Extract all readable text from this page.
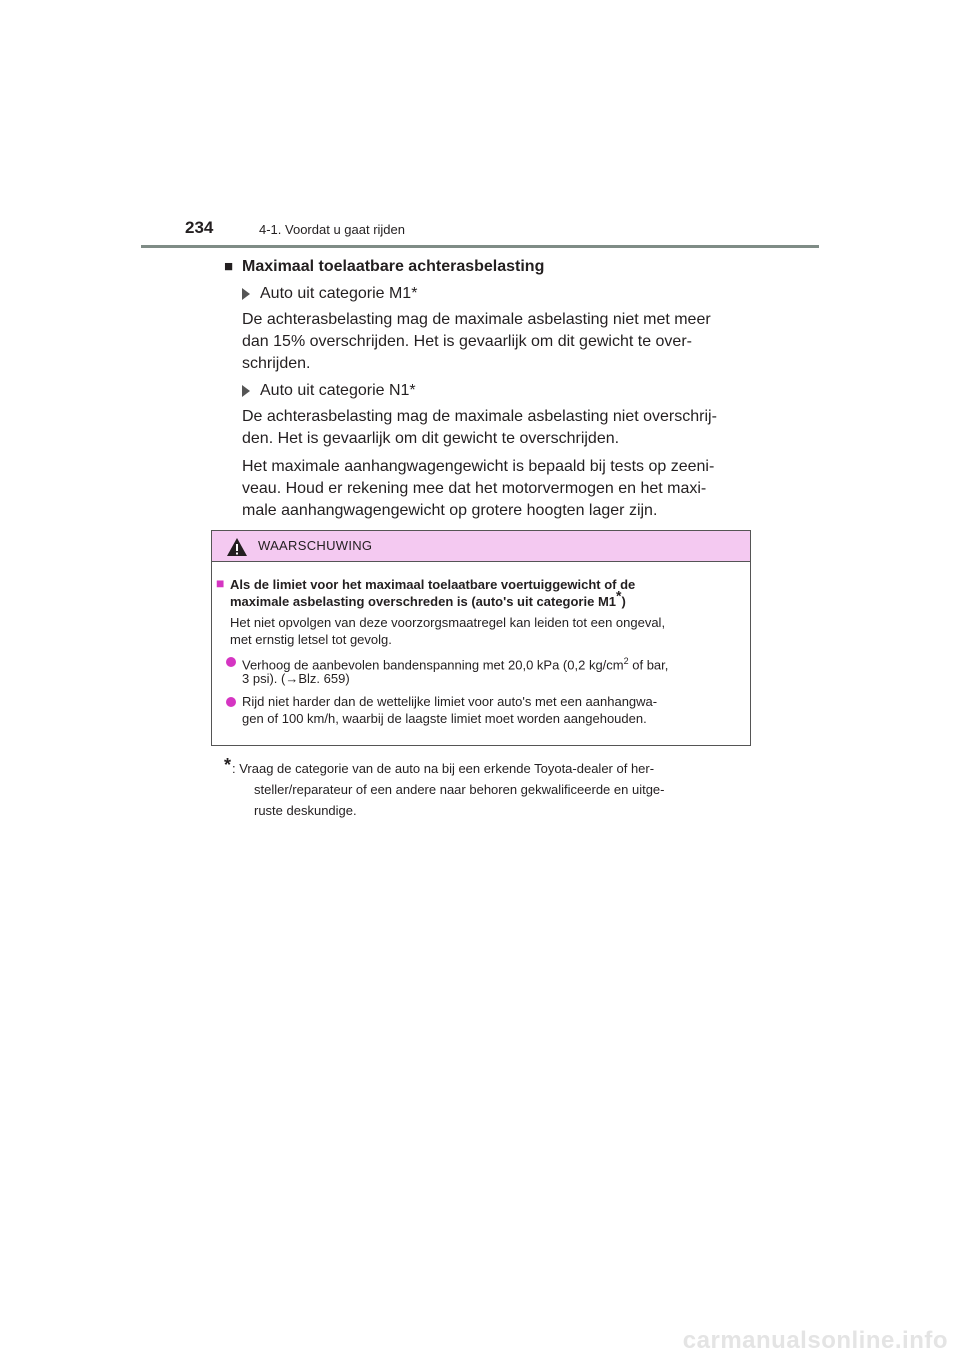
234	4-1. Voordat u gaat rijden
■ Maximaal toelaatbare achterasbelasting
Auto uit categorie M1*
De achterasbelasting mag de maximale asbelasting niet met meer
dan 15% overschrijden. Het is gevaarlijk om dit gewicht te over-
schrijden.
Auto uit categorie N1*
De achterasbelasting mag de maximale asbelasting niet overschrij-
den. Het is gevaarlijk om dit gewicht te overschrijden.
Het maximale aanhangwagengewicht is bepaald bij tests op zeeni-
veau. Houd er rekening mee dat het motorvermogen en het maxi-
male aanhangwagengewicht op grotere hoogten lager zijn.
WAARSCHUWING
■ Als de limiet voor het maximaal toelaatbare voertuiggewicht of de
maximale asbelasting overschreden is (auto's uit categorie M1*)
Het niet opvolgen van deze voorzorgsmaatregel kan leiden tot een ongeval,
met ernstig letsel tot gevolg.
Verhoog de aanbevolen bandenspanning met 20,0 kPa (0,2 $kg/cm^2$ of bar,
3 psi). (→Blz. 659)
Rijd niet harder dan de wettelijke limiet voor auto's met een aanhangwa-
gen of 100 km/h, waarbij de laagste limiet moet worden aangehouden.
* : Vraag de categorie van de auto na bij een erkende Toyota-dealer of her-
steller/reparateur of een andere naar behoren gekwalificeerde en uitge-
ruste deskundige.
carmanualsonline.info
